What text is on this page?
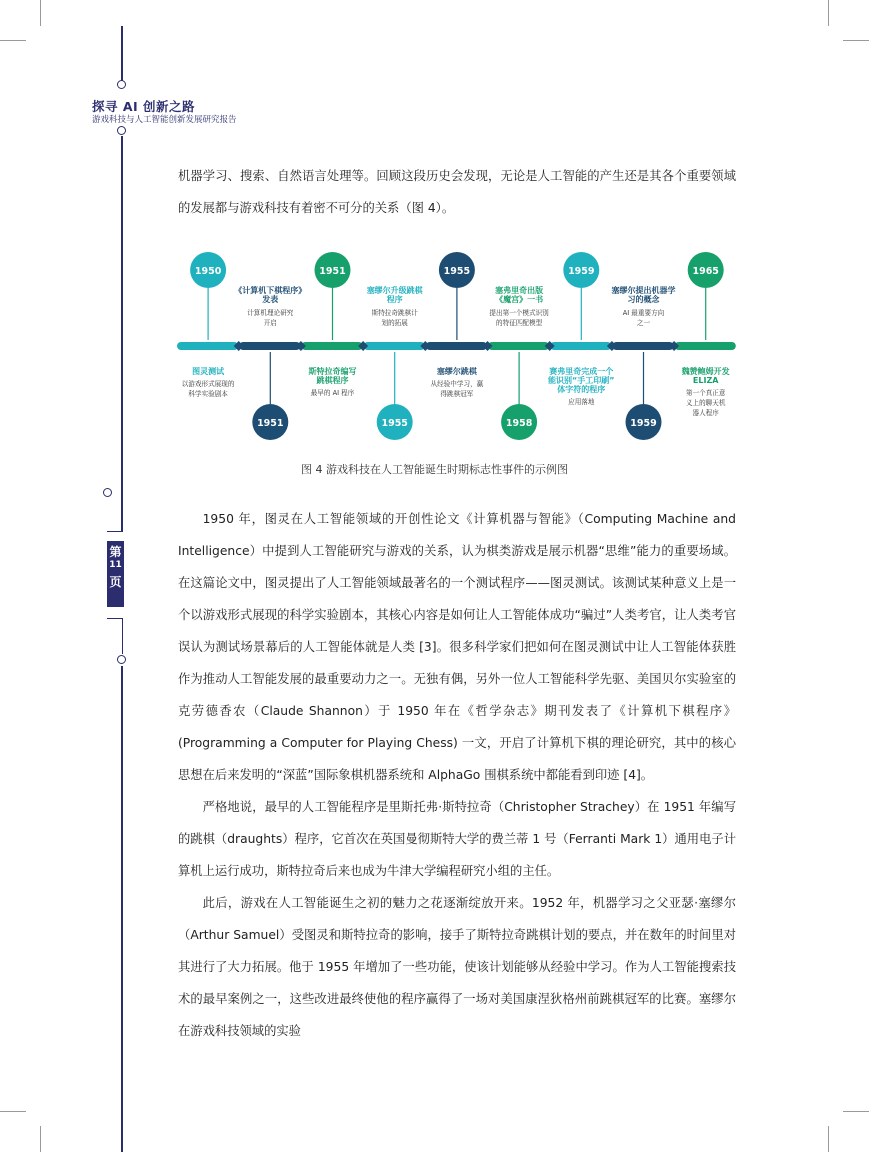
第
11
页
探寻 AI 创新之路
游戏科技与人工智能创新发展研究报告

机器学习、搜索、自然语言处理等。回顾这段历史会发现，无论是人工智能的产生还是其各个重要领域的发展都与游戏科技有着密不可分的关系（图 4）。

1950
《计算机下棋程序》
发表
计算机理论研究
开启
1951
塞缪尔升级跳棋
程序
斯特拉奇跳棋计
划的拓展
1955
塞弗里奇出版
《魔宫》一书
提出第一个模式识别
的特征匹配模型
1959
塞缪尔提出机器学
习的概念
AI 最重要方向
之一
1965
图灵测试
以游戏形式展现的
科学实验剧本
1951
斯特拉奇编写
跳棋程序
最早的 AI 程序
1955
塞缪尔跳棋
从经验中学习，赢
得跳棋冠军
1958
赛弗里奇完成一个
能识别“手工印刷”
体字符的程序
应用落地
1959
魏赞鲍姆开发
ELIZA
第一个真正意
义上的聊天机
器人程序
图 4 游戏科技在人工智能诞生时期标志性事件的示例图

1950 年，图灵在人工智能领域的开创性论文《计算机器与智能》（Computing Machine and Intelligence）中提到人工智能研究与游戏的关系，认为棋类游戏是展示机器“思维”能力的重要场域。在这篇论文中，图灵提出了人工智能领域最著名的一个测试程序——图灵测试。该测试某种意义上是一个以游戏形式展现的科学实验剧本，其核心内容是如何让人工智能体成功“骗过”人类考官，让人类考官误认为测试场景幕后的人工智能体就是人类 [3]。很多科学家们把如何在图灵测试中让人工智能体获胜作为推动人工智能发展的最重要动力之一。无独有偶，另外一位人工智能科学先驱、美国贝尔实验室的克劳德香农（Claude Shannon）于 1950 年在《哲学杂志》期刊发表了《计算机下棋程序》(Programming a Computer for Playing Chess) 一文，开启了计算机下棋的理论研究，其中的核心思想在后来发明的“深蓝”国际象棋机器系统和 AlphaGo 围棋系统中都能看到印迹 [4]。

严格地说，最早的人工智能程序是里斯托弗·斯特拉奇（Christopher Strachey）在 1951 年编写的跳棋（draughts）程序，它首次在英国曼彻斯特大学的费兰蒂 1 号（Ferranti Mark 1）通用电子计算机上运行成功，斯特拉奇后来也成为牛津大学编程研究小组的主任。

此后，游戏在人工智能诞生之初的魅力之花逐渐绽放开来。1952 年，机器学习之父亚瑟·塞缪尔（Arthur Samuel）受图灵和斯特拉奇的影响，接手了斯特拉奇跳棋计划的要点，并在数年的时间里对其进行了大力拓展。他于 1955 年增加了一些功能，使该计划能够从经验中学习。作为人工智能搜索技术的最早案例之一，这些改进最终使他的程序赢得了一场对美国康涅狄格州前跳棋冠军的比赛。塞缪尔在游戏科技领域的实验
